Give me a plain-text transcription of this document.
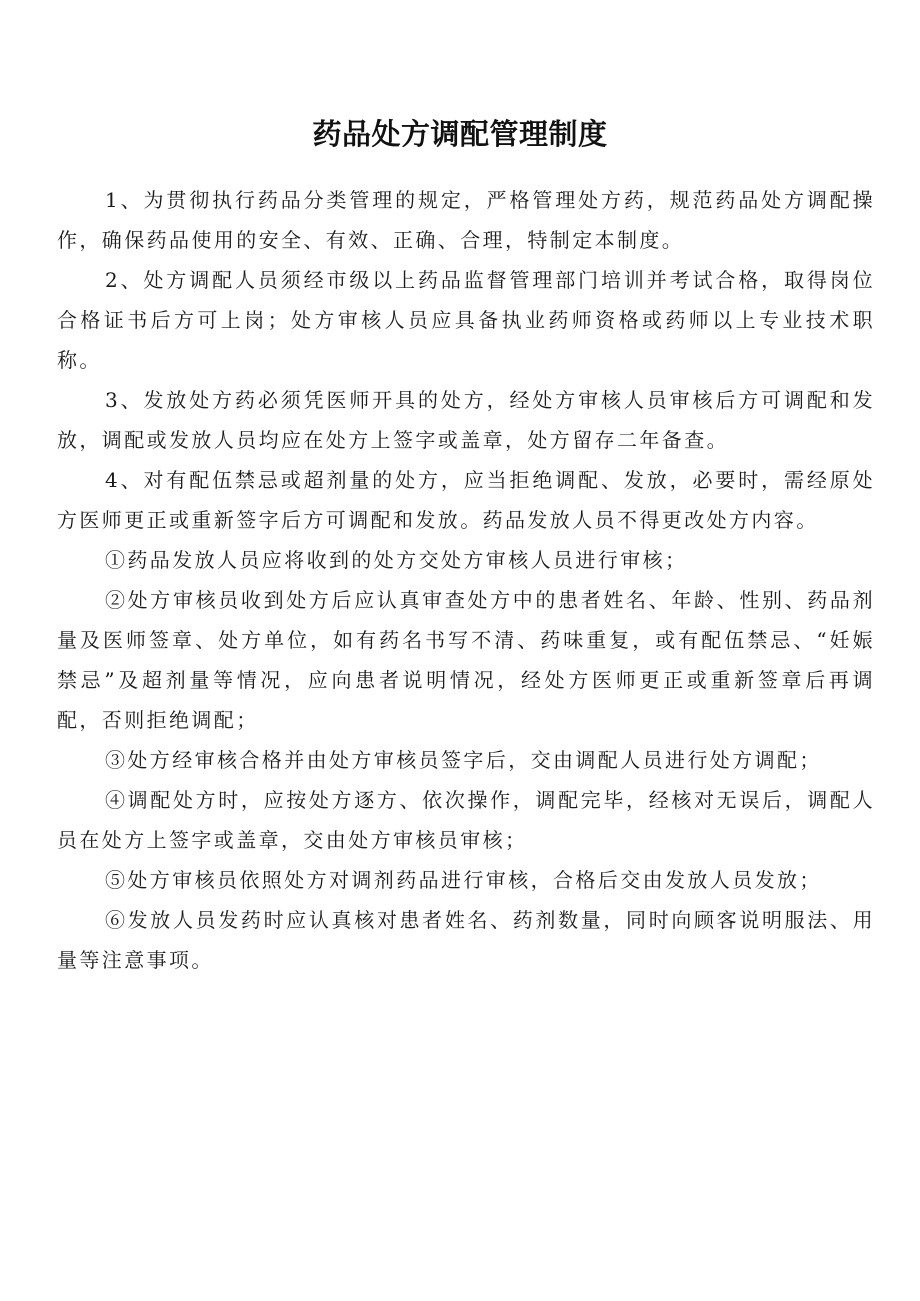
药品处方调配管理制度

1、为贯彻执行药品分类管理的规定，严格管理处方药，规范药品处方调配操作，确保药品使用的安全、有效、正确、合理，特制定本制度。

2、处方调配人员须经市级以上药品监督管理部门培训并考试合格，取得岗位合格证书后方可上岗；处方审核人员应具备执业药师资格或药师以上专业技术职称。

3、发放处方药必须凭医师开具的处方，经处方审核人员审核后方可调配和发放，调配或发放人员均应在处方上签字或盖章，处方留存二年备查。

4、对有配伍禁忌或超剂量的处方，应当拒绝调配、发放，必要时，需经原处方医师更正或重新签字后方可调配和发放。药品发放人员不得更改处方内容。

①药品发放人员应将收到的处方交处方审核人员进行审核；

②处方审核员收到处方后应认真审查处方中的患者姓名、年龄、性别、药品剂量及医师签章、处方单位，如有药名书写不清、药味重复，或有配伍禁忌、“妊娠禁忌”及超剂量等情况，应向患者说明情况，经处方医师更正或重新签章后再调配，否则拒绝调配；

③处方经审核合格并由处方审核员签字后，交由调配人员进行处方调配；

④调配处方时，应按处方逐方、依次操作，调配完毕，经核对无误后，调配人员在处方上签字或盖章，交由处方审核员审核；

⑤处方审核员依照处方对调剂药品进行审核，合格后交由发放人员发放；

⑥发放人员发药时应认真核对患者姓名、药剂数量，同时向顾客说明服法、用量等注意事项。
